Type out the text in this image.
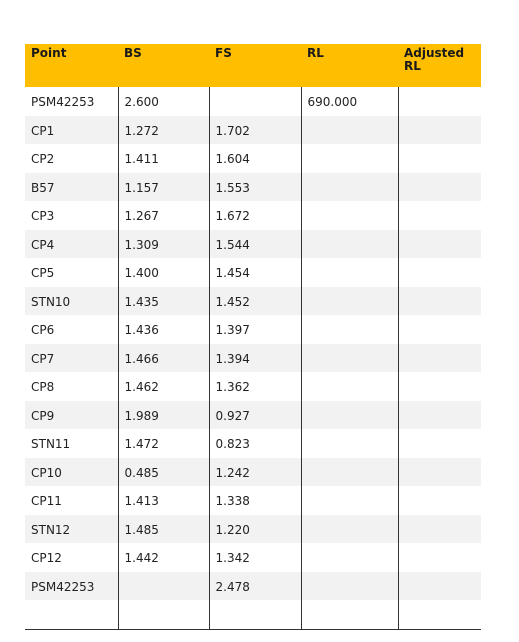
Point	BS	FS	RL	Adjusted
RL
PSM42253	2.600		690.000	
CP1	1.272	1.702		
CP2	1.411	1.604		
B57	1.157	1.553		
CP3	1.267	1.672		
CP4	1.309	1.544		
CP5	1.400	1.454		
STN10	1.435	1.452		
CP6	1.436	1.397		
CP7	1.466	1.394		
CP8	1.462	1.362		
CP9	1.989	0.927		
STN11	1.472	0.823		
CP10	0.485	1.242		
CP11	1.413	1.338		
STN12	1.485	1.220		
CP12	1.442	1.342		
PSM42253		2.478		
